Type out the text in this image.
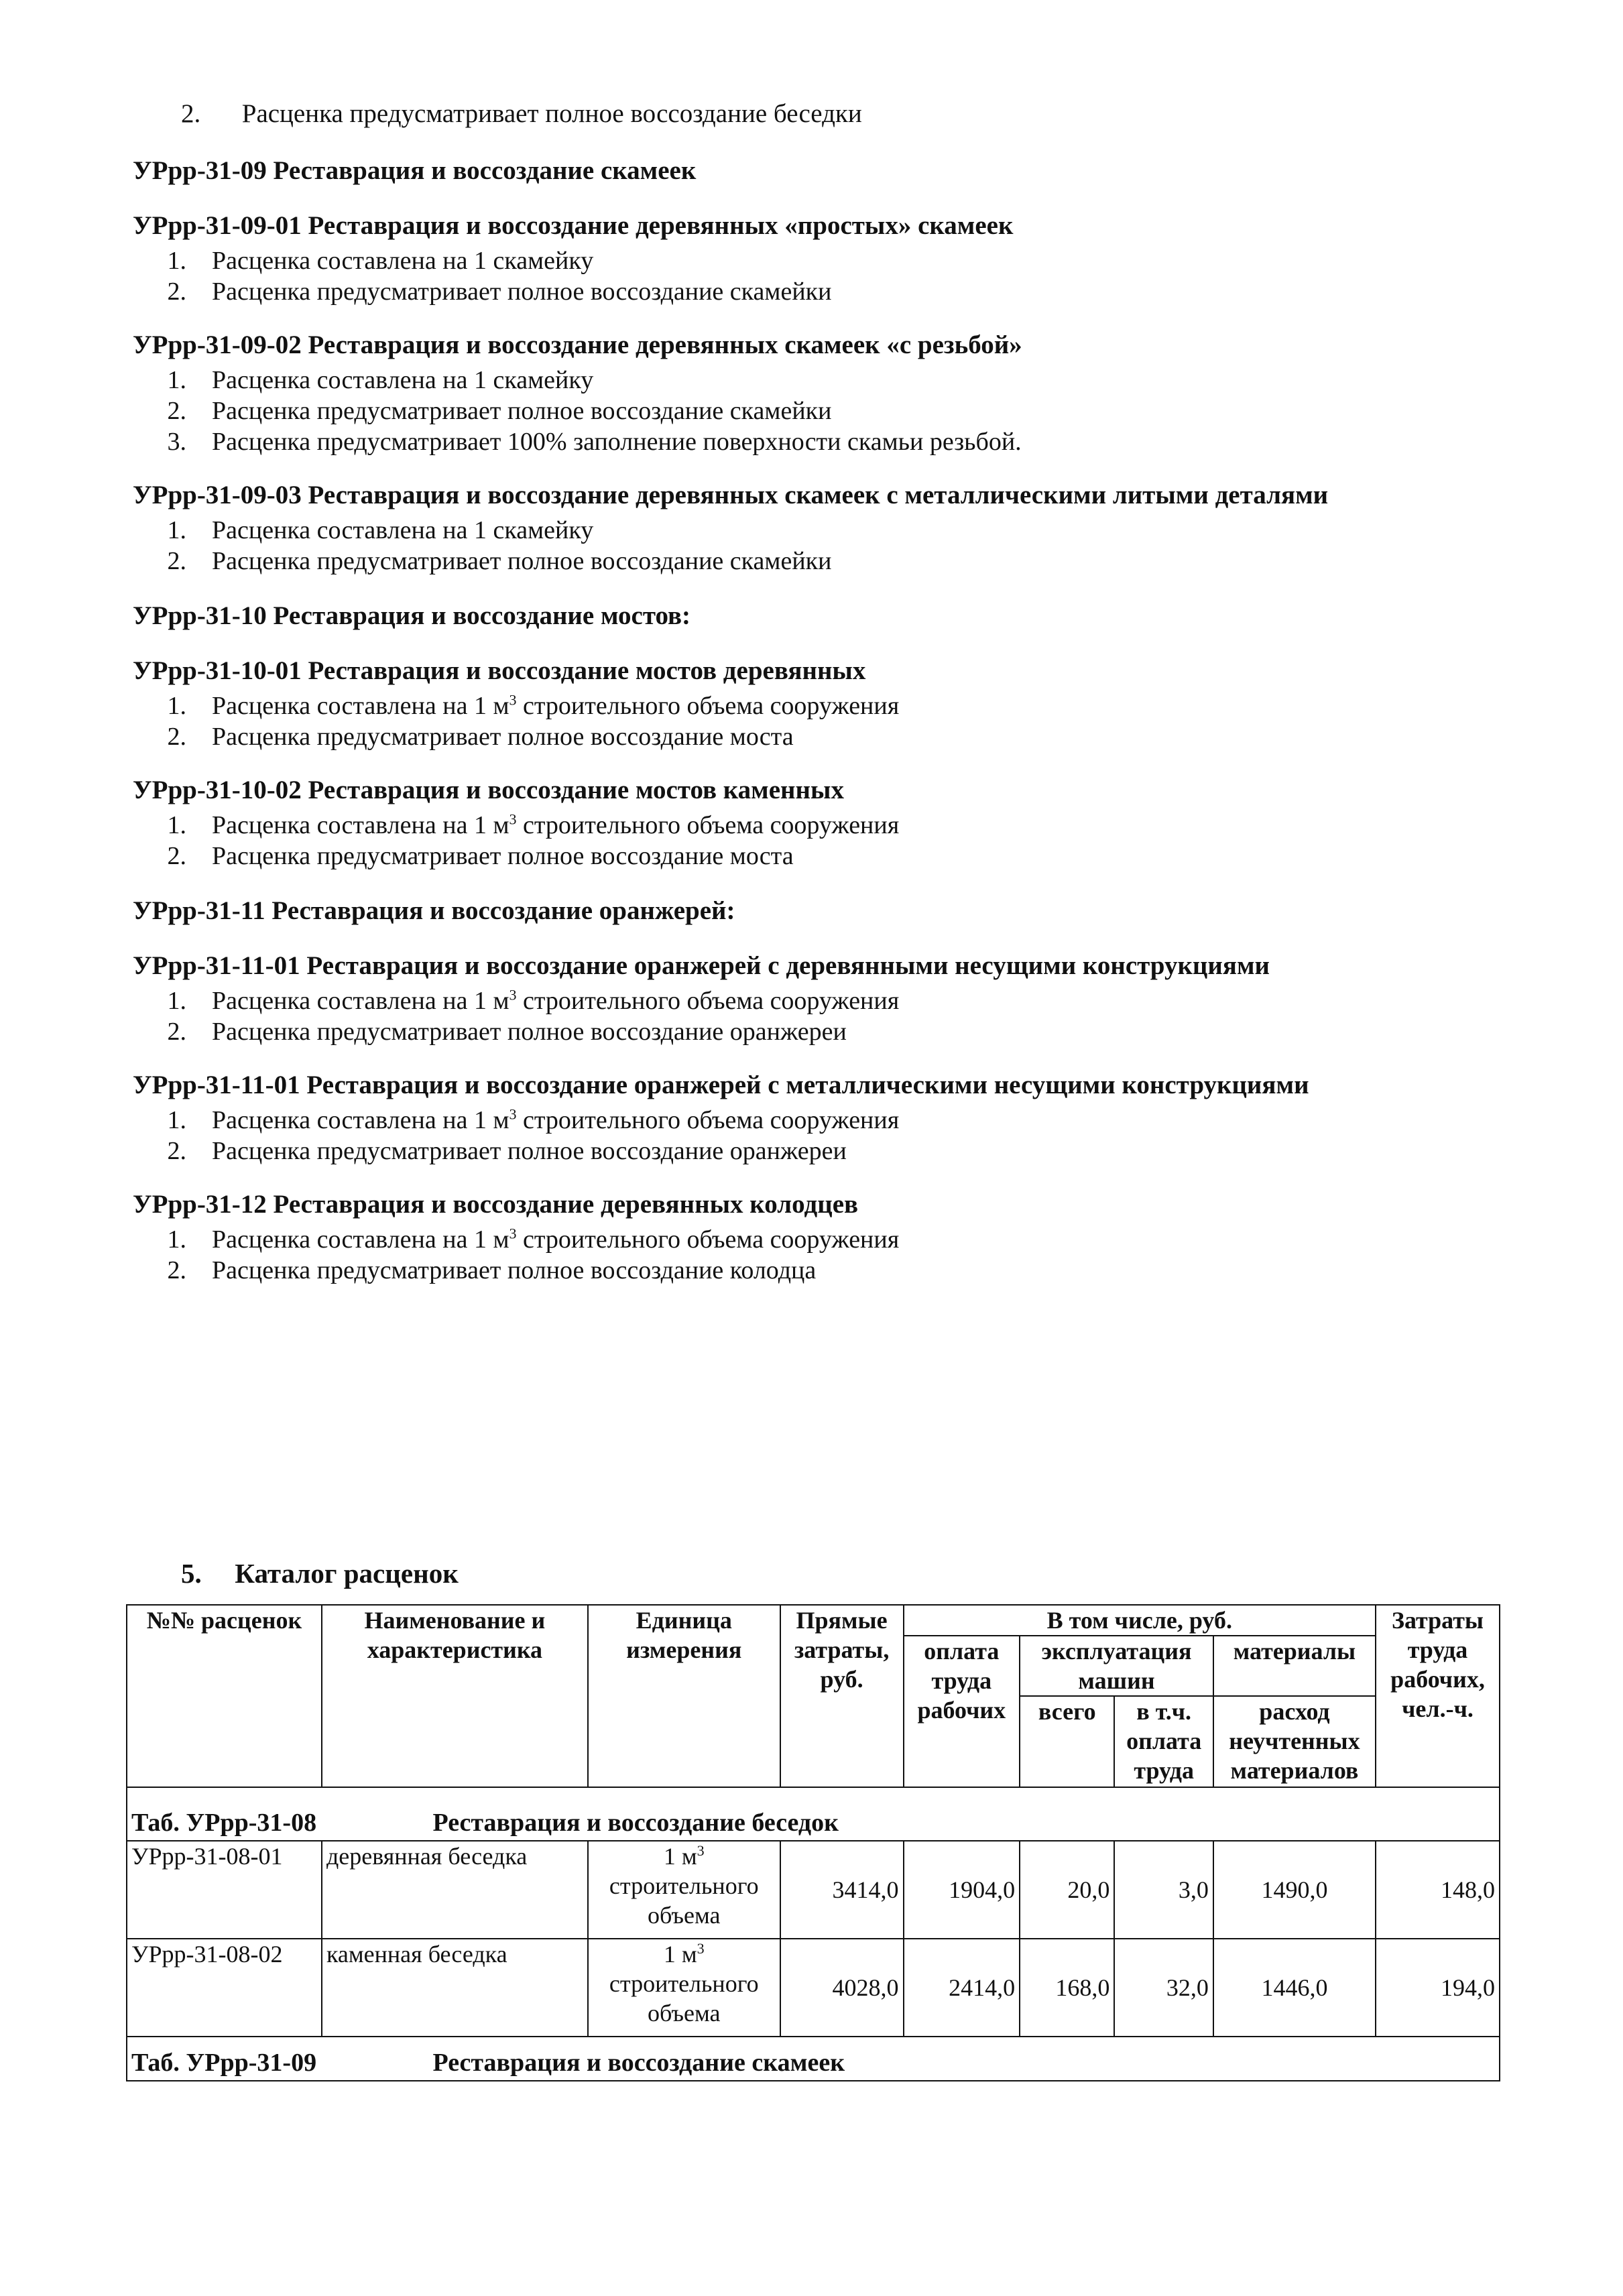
2. Расценка предусматривает полное воссоздание беседки
УРрр-31-09 Реставрация и воссоздание скамеек
УРрр-31-09-01 Реставрация и воссоздание деревянных «простых» скамеек
1. Расценка составлена на 1 скамейку
2. Расценка предусматривает полное воссоздание скамейки
УРрр-31-09-02 Реставрация и воссоздание деревянных скамеек «с резьбой»
1. Расценка составлена на 1 скамейку
2. Расценка предусматривает полное воссоздание скамейки
3. Расценка предусматривает 100% заполнение поверхности скамьи резьбой.
УРрр-31-09-03 Реставрация и воссоздание деревянных скамеек с металлическими литыми деталями
1. Расценка составлена на 1 скамейку
2. Расценка предусматривает полное воссоздание скамейки
УРрр-31-10 Реставрация и воссоздание мостов:
УРрр-31-10-01 Реставрация и воссоздание мостов деревянных
1. Расценка составлена на 1 $м^3$ строительного объема сооружения
2. Расценка предусматривает полное воссоздание моста
УРрр-31-10-02 Реставрация и воссоздание мостов каменных
1. Расценка составлена на 1 $м^3$ строительного объема сооружения
2. Расценка предусматривает полное воссоздание моста
УРрр-31-11 Реставрация и воссоздание оранжерей:
УРрр-31-11-01 Реставрация и воссоздание оранжерей с деревянными несущими конструкциями
1. Расценка составлена на 1 $м^3$ строительного объема сооружения
2. Расценка предусматривает полное воссоздание оранжереи
УРрр-31-11-01 Реставрация и воссоздание оранжерей с металлическими несущими конструкциями
1. Расценка составлена на 1 $м^3$ строительного объема сооружения
2. Расценка предусматривает полное воссоздание оранжереи
УРрр-31-12 Реставрация и воссоздание деревянных колодцев
1. Расценка составлена на 1 $м^3$ строительного объема сооружения
2. Расценка предусматривает полное воссоздание колодца
5. Каталог расценок
№№ расценок	Наименование и характеристика	Единица измерения	Прямые затраты, руб.	В том числе, руб.				Затраты труда рабочих, чел.-ч.
				оплата труда рабочих	эксплуатация машин		материалы	
					всего	в т.ч. оплата труда	расход неучтенных материалов	
Таб. УРрр-31-08 Реставрация и воссоздание беседок								
УРрр-31-08-01	деревянная беседка	1 $м^3$
строительного
объема	3414,0	1904,0	20,0	3,0	1490,0	148,0
УРрр-31-08-02	каменная беседка	1 $м^3$
строительного
объема	4028,0	2414,0	168,0	32,0	1446,0	194,0
Таб. УРрр-31-09 Реставрация и воссоздание скамеек								
